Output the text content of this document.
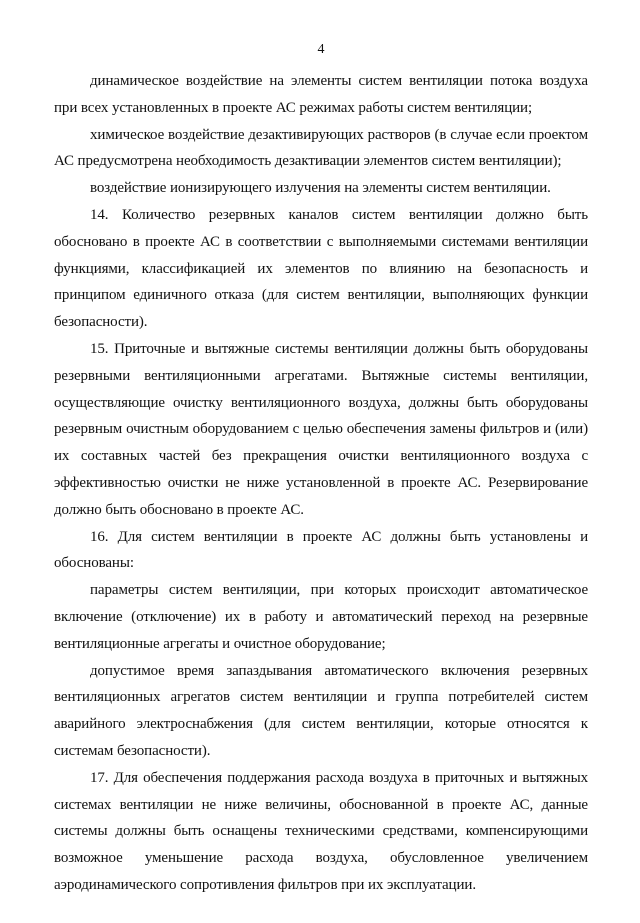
4

динамическое воздействие на элементы систем вентиляции потока воздуха при всех установленных в проекте АС режимах работы систем вентиляции;

химическое воздействие дезактивирующих растворов (в случае если проектом АС предусмотрена необходимость дезактивации элементов систем вентиляции);

воздействие ионизирующего излучения на элементы систем вентиляции.

14. Количество резервных каналов систем вентиляции должно быть обосновано в проекте АС в соответствии с выполняемыми системами вентиляции функциями, классификацией их элементов по влиянию на безопасность и принципом единичного отказа (для систем вентиляции, выполняющих функции безопасности).

15. Приточные и вытяжные системы вентиляции должны быть оборудованы резервными вентиляционными агрегатами. Вытяжные системы вентиляции, осуществляющие очистку вентиляционного воздуха, должны быть оборудованы резервным очистным оборудованием с целью обеспечения замены фильтров и (или) их составных частей без прекращения очистки вентиляционного воздуха с эффективностью очистки не ниже установленной в проекте АС. Резервирование должно быть обосновано в проекте АС.

16. Для систем вентиляции в проекте АС должны быть установлены и обоснованы:

параметры систем вентиляции, при которых происходит автоматическое включение (отключение) их в работу и автоматический переход на резервные вентиляционные агрегаты и очистное оборудование;

допустимое время запаздывания автоматического включения резервных вентиляционных агрегатов систем вентиляции и группа потребителей систем аварийного электроснабжения (для систем вентиляции, которые относятся к системам безопасности).

17. Для обеспечения поддержания расхода воздуха в приточных и вытяжных системах вентиляции не ниже величины, обоснованной в проекте АС, данные системы должны быть оснащены техническими средствами, компенсирующими возможное уменьшение расхода воздуха, обусловленное увеличением аэродинамического сопротивления фильтров при их эксплуатации.
